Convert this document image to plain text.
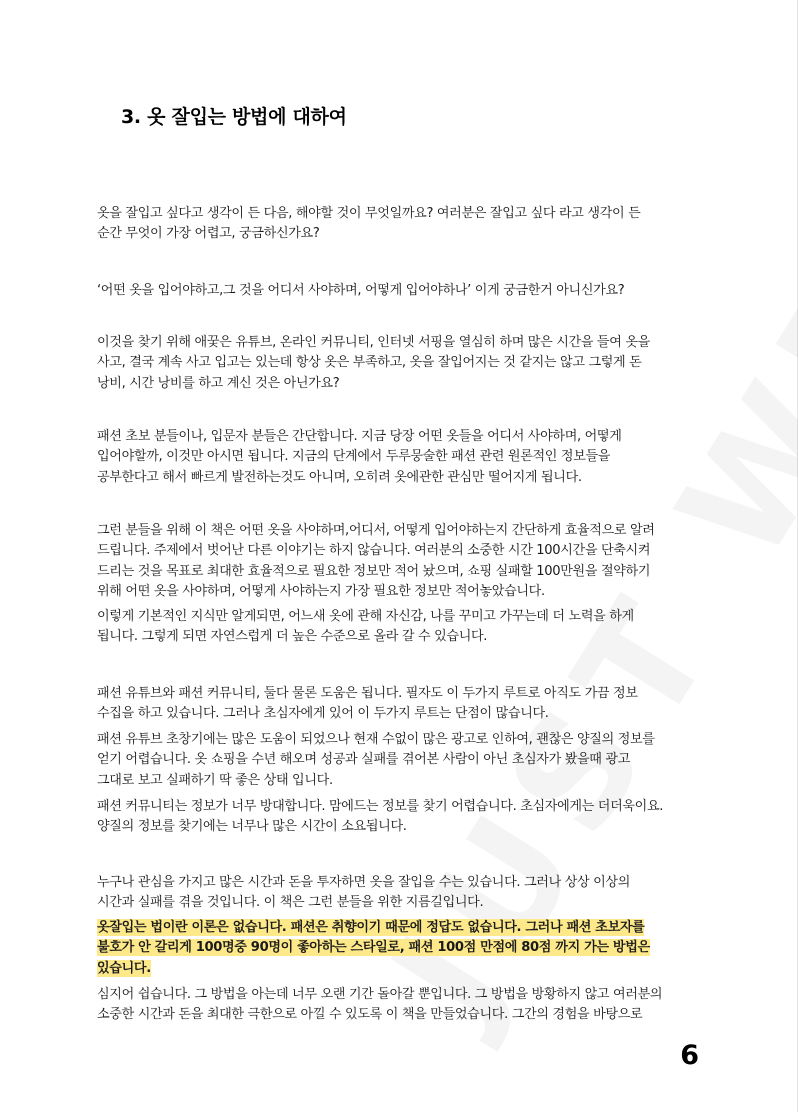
3. 옷 잘입는 방법에 대하여

옷을 잘입고 싶다고 생각이 든 다음, 해야할 것이 무엇일까요? 여러분은 잘입고 싶다 라고 생각이 든
순간 무엇이 가장 어렵고, 궁금하신가요?

‘어떤 옷을 입어야하고,그 것을 어디서 사야하며, 어떻게 입어야하나’ 이게 궁금한거 아니신가요?

이것을 찾기 위해 애꿎은 유튜브, 온라인 커뮤니티, 인터넷 서핑을 열심히 하며 많은 시간을 들여 옷을
사고, 결국 계속 사고 입고는 있는데 항상 옷은 부족하고, 옷을 잘입어지는 것 같지는 않고 그렇게 돈
낭비, 시간 낭비를 하고 계신 것은 아닌가요?

패션 초보 분들이나, 입문자 분들은 간단합니다. 지금 당장 어떤 옷들을 어디서 사야하며, 어떻게
입어야할까, 이것만 아시면 됩니다. 지금의 단계에서 두루뭉술한 패션 관련 원론적인 정보들을
공부한다고 해서 빠르게 발전하는것도 아니며, 오히려 옷에관한 관심만 떨어지게 됩니다.

그런 분들을 위해 이 책은 어떤 옷을 사야하며,어디서, 어떻게 입어야하는지 간단하게 효율적으로 알려
드립니다. 주제에서 벗어난 다른 이야기는 하지 않습니다. 여러분의 소중한 시간 100시간을 단축시켜
드리는 것을 목표로 최대한 효율적으로 필요한 정보만 적어 놨으며, 쇼핑 실패할 100만원을 절약하기
위해 어떤 옷을 사야하며, 어떻게 사야하는지 가장 필요한 정보만 적어놓았습니다.

이렇게 기본적인 지식만 알게되면, 어느새 옷에 관해 자신감, 나를 꾸미고 가꾸는데 더 노력을 하게
됩니다. 그렇게 되면 자연스럽게 더 높은 수준으로 올라 갈 수 있습니다.

패션 유튜브와 패션 커뮤니티, 둘다 물론 도움은 됩니다. 필자도 이 두가지 루트로 아직도 가끔 정보
수집을 하고 있습니다. 그러나 초심자에게 있어 이 두가지 루트는 단점이 많습니다.

패션 유튜브 초창기에는 많은 도움이 되었으나 현재 수없이 많은 광고로 인하여, 괜찮은 양질의 정보를
얻기 어렵습니다. 옷 쇼핑을 수년 해오며 성공과 실패를 겪어본 사람이 아닌 초심자가 봤을때 광고
그대로 보고 실패하기 딱 좋은 상태 입니다.

패션 커뮤니티는 정보가 너무 방대합니다. 맘에드는 정보를 찾기 어렵습니다. 초심자에게는 더더욱이요.
양질의 정보를 찾기에는 너무나 많은 시간이 소요됩니다.

누구나 관심을 가지고 많은 시간과 돈을 투자하면 옷을 잘입을 수는 있습니다. 그러나 상상 이상의
시간과 실패를 겪을 것입니다. 이 책은 그런 분들을 위한 지름길입니다.

옷잘입는 법이란 이론은 없습니다. 패션은 취향이기 때문에 정답도 없습니다. 그러나 패션 초보자를
불호가 안 갈리게 100명중 90명이 좋아하는 스타일로, 패션 100점 만점에 80점 까지 가는 방법은
있습니다.

심지어 쉽습니다. 그 방법을 아는데 너무 오랜 기간 돌아갈 뿐입니다. 그 방법을 방황하지 않고 여러분의
소중한 시간과 돈을 최대한 극한으로 아낄 수 있도록 이 책을 만들었습니다. 그간의 경험을 바탕으로

6
